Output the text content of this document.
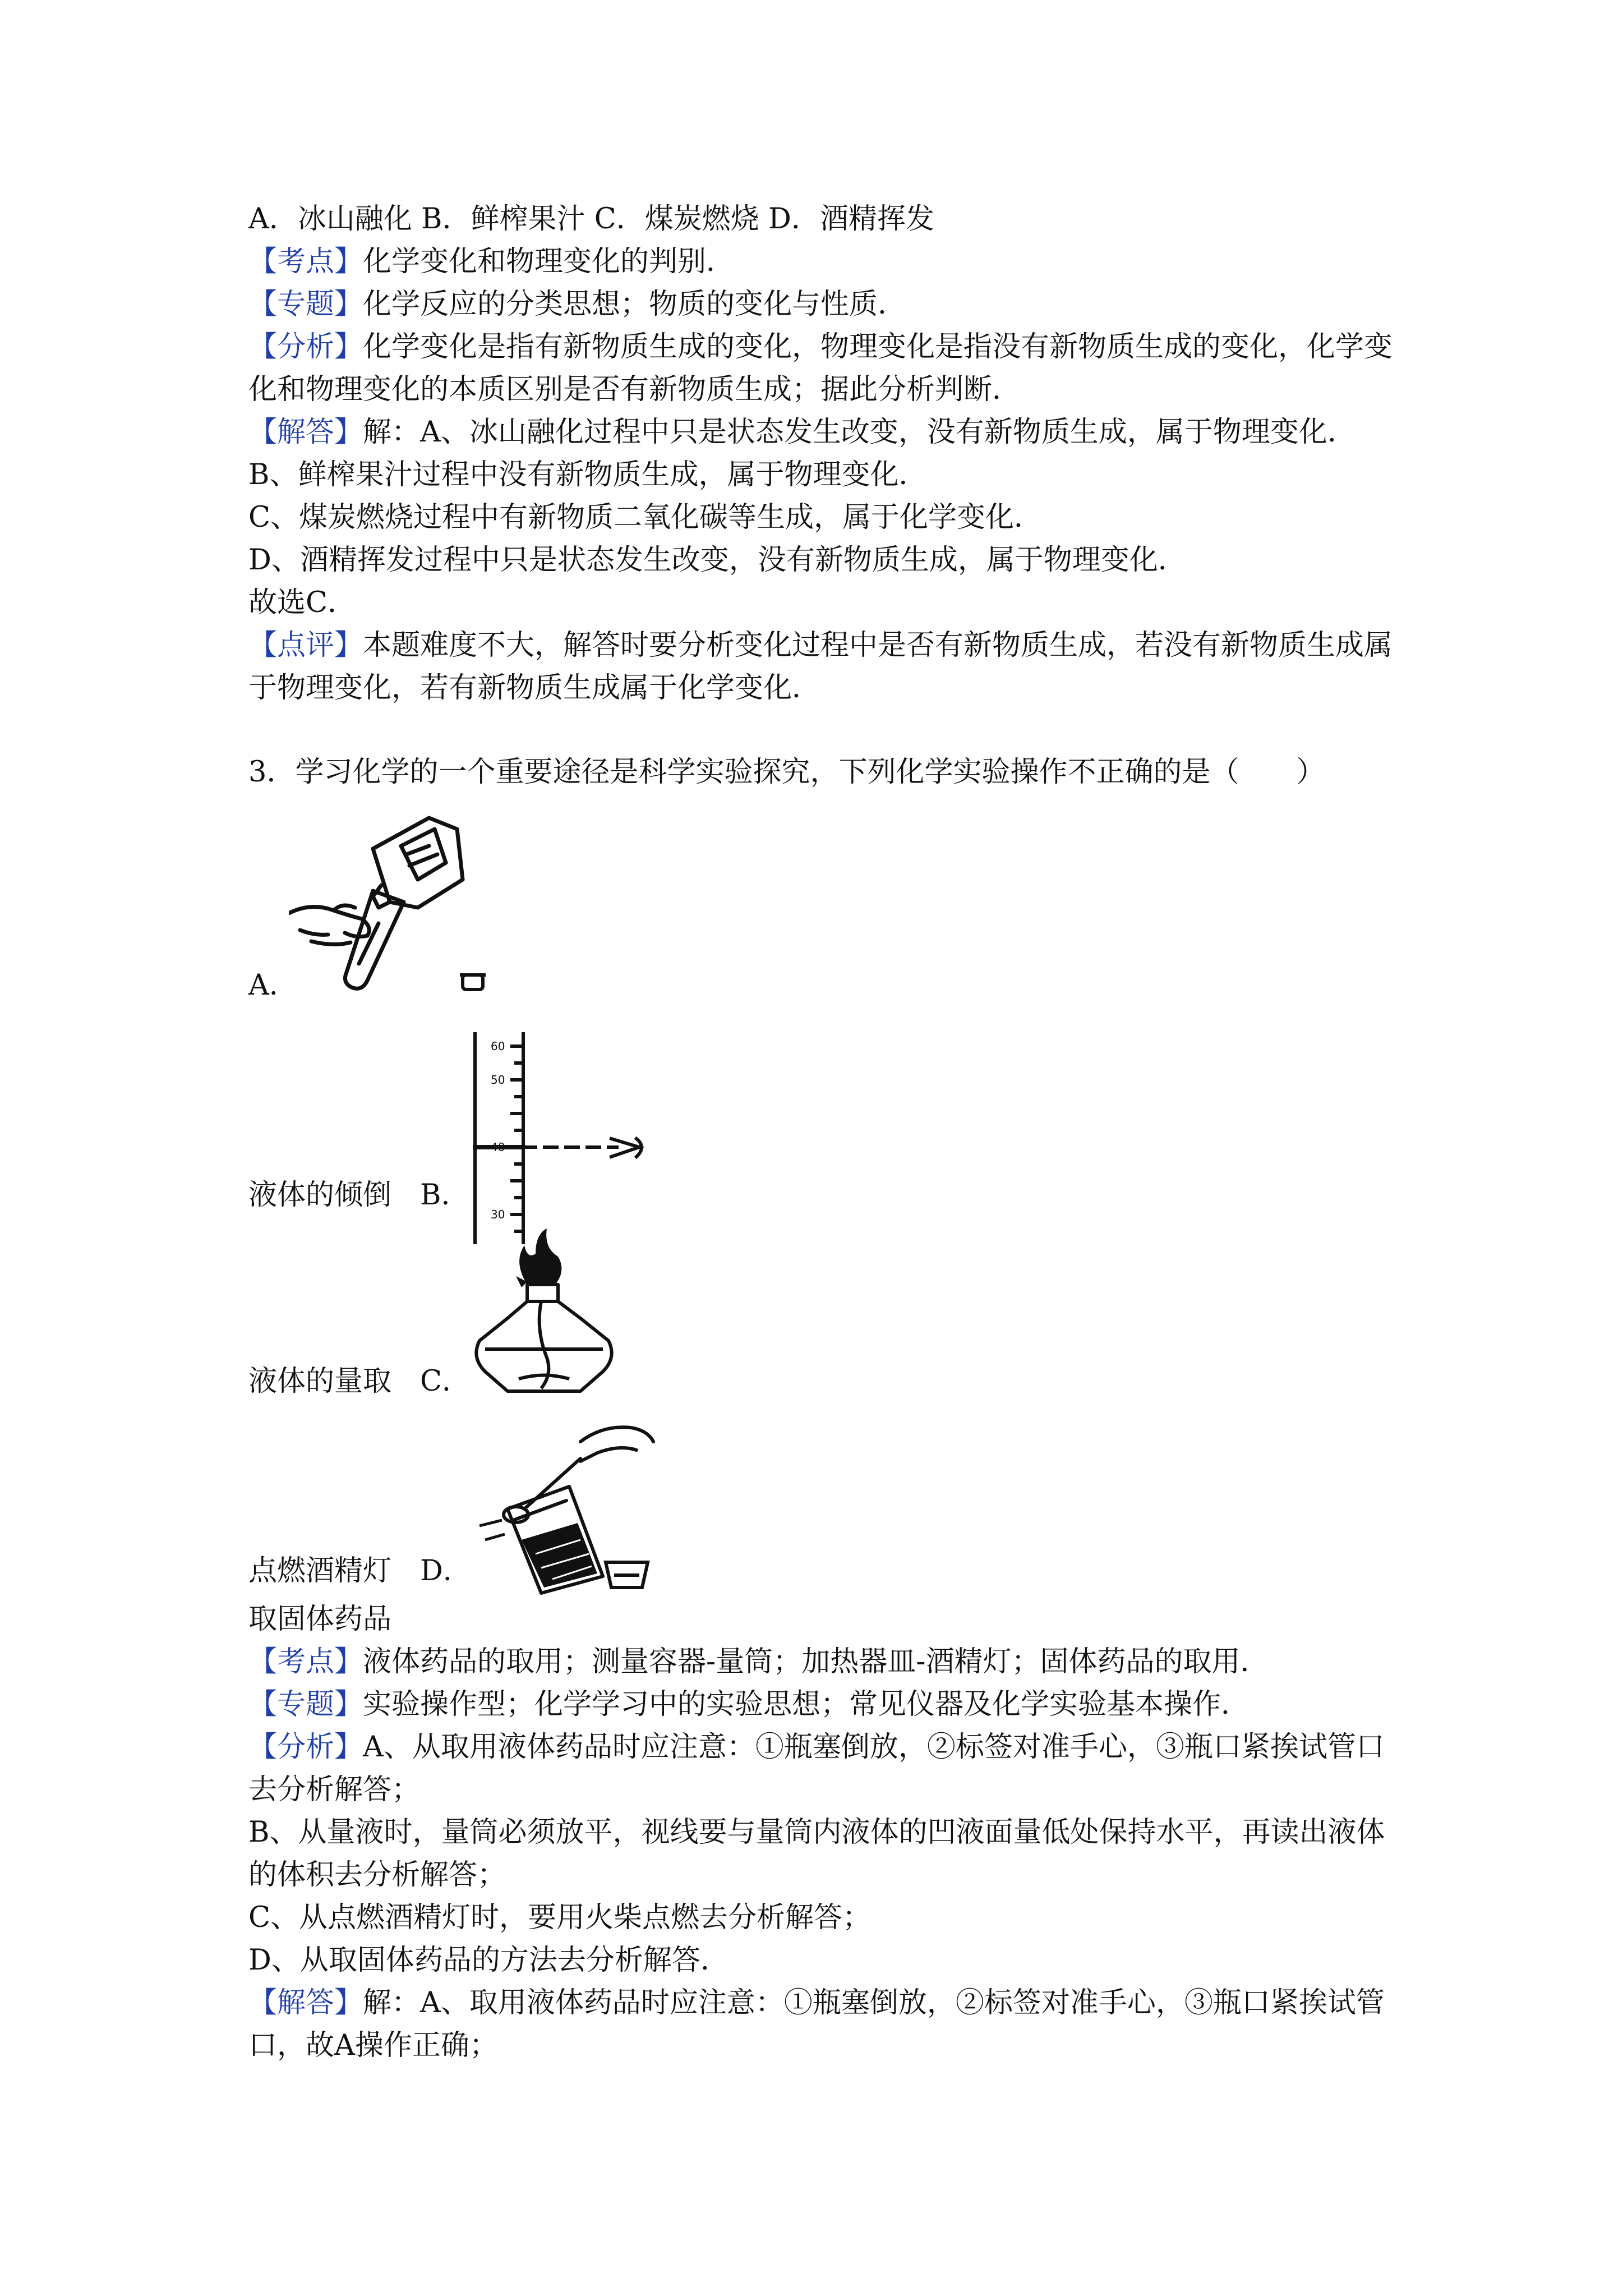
A．冰山融化 B．鲜榨果汁 C．煤炭燃烧 D．酒精挥发
【考点】化学变化和物理变化的判别．
【专题】化学反应的分类思想；物质的变化与性质．
【分析】化学变化是指有新物质生成的变化，物理变化是指没有新物质生成的变化，化学变
化和物理变化的本质区别是否有新物质生成；据此分析判断．
【解答】解：A、冰山融化过程中只是状态发生改变，没有新物质生成，属于物理变化．
B、鲜榨果汁过程中没有新物质生成，属于物理变化．
C、煤炭燃烧过程中有新物质二氧化碳等生成，属于化学变化．
D、酒精挥发过程中只是状态发生改变，没有新物质生成，属于物理变化．
故选C．
【点评】本题难度不大，解答时要分析变化过程中是否有新物质生成，若没有新物质生成属
于物理变化，若有新物质生成属于化学变化．
3．学习化学的一个重要途径是科学实验探究，下列化学实验操作不正确的是（　　）
A．
60
50
40
30
液体的倾倒　B．
液体的量取　C．
点燃酒精灯　D．
取固体药品
【考点】液体药品的取用；测量容器-量筒；加热器皿-酒精灯；固体药品的取用．
【专题】实验操作型；化学学习中的实验思想；常见仪器及化学实验基本操作．
【分析】A、从取用液体药品时应注意：①瓶塞倒放，②标签对准手心，③瓶口紧挨试管口
去分析解答；
B、从量液时，量筒必须放平，视线要与量筒内液体的凹液面量低处保持水平，再读出液体
的体积去分析解答；
C、从点燃酒精灯时，要用火柴点燃去分析解答；
D、从取固体药品的方法去分析解答．
【解答】解：A、取用液体药品时应注意：①瓶塞倒放，②标签对准手心，③瓶口紧挨试管
口，故A操作正确；
